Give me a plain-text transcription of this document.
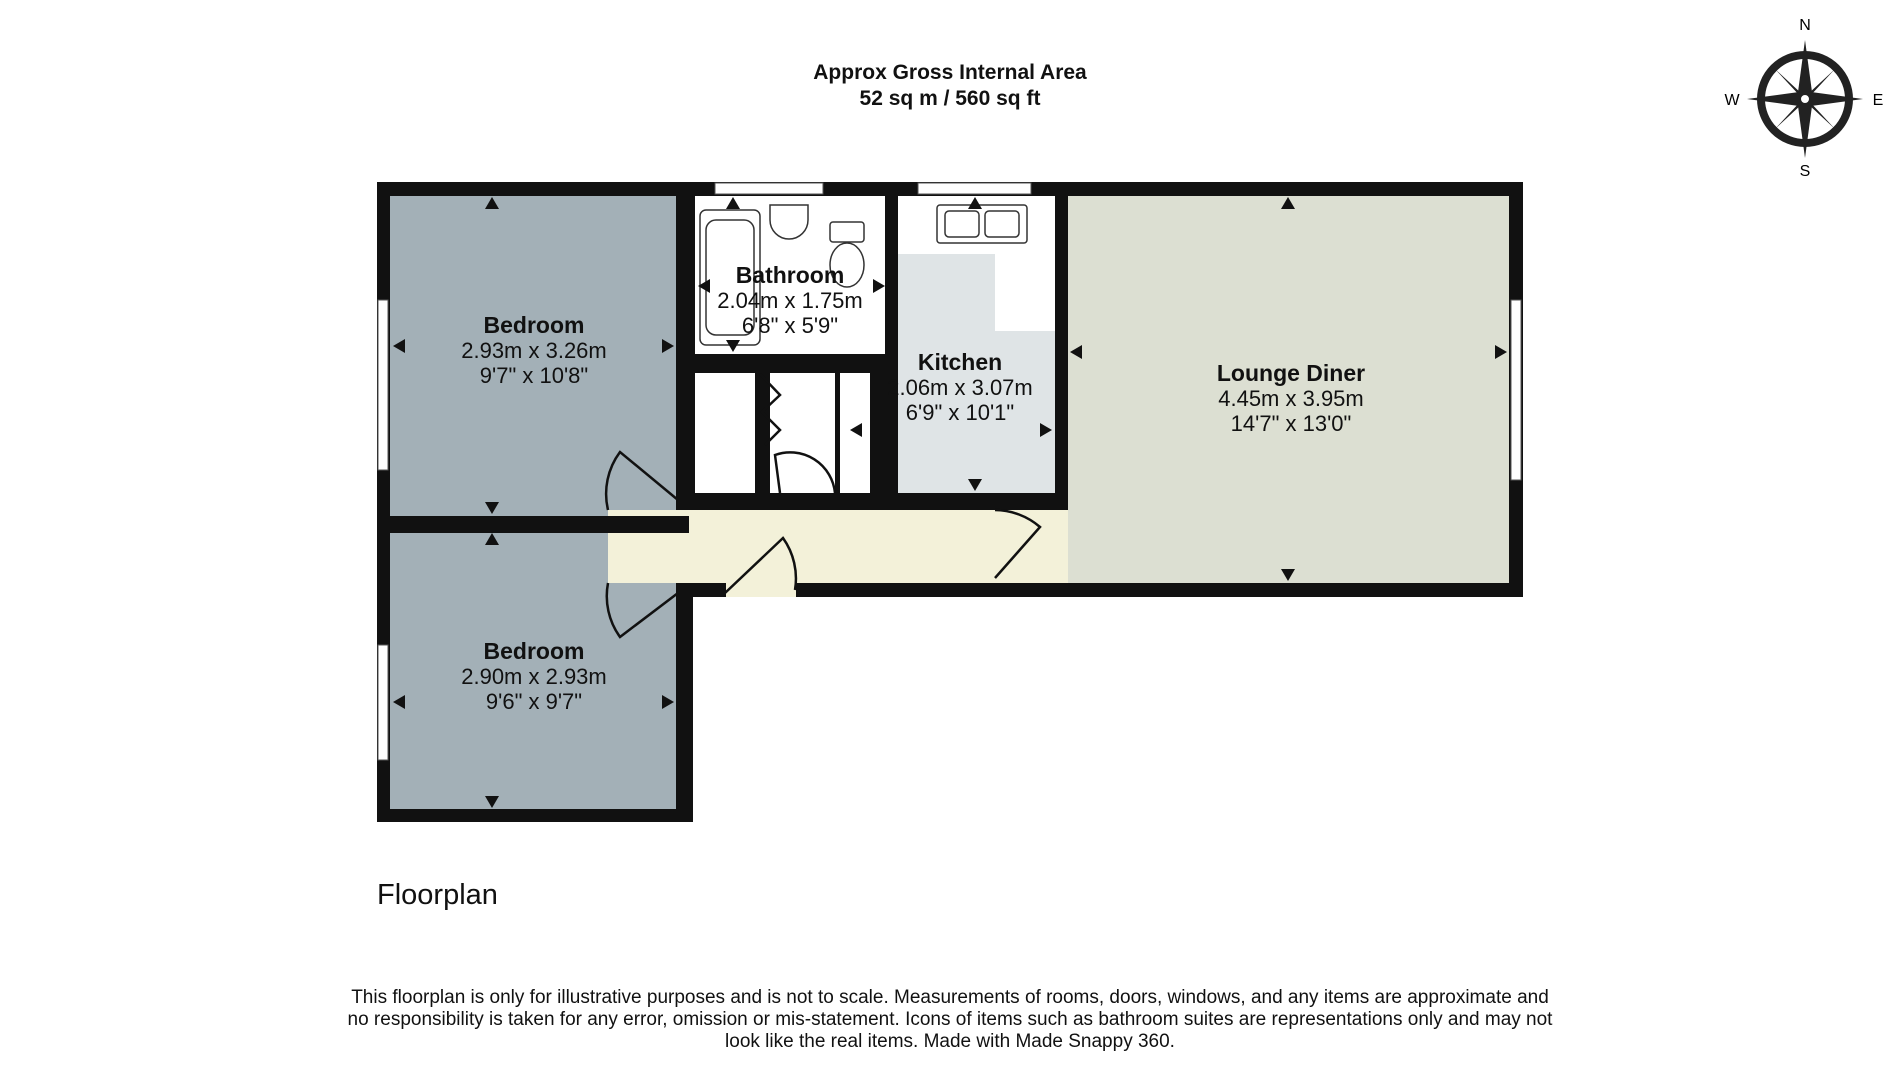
Approx Gross Internal Area
52 sq m / 560 sq ft
N
S
W	E
Bedroom
2.93m x 3.26m
9'7" x 10'8"
Bedroom
2.90m x 2.93m
9'6" x 9'7"
Bathroom
2.04m x 1.75m
6'8" x 5'9"
Kitchen
2.06m x 3.07m
6'9" x 10'1"
Lounge Diner
4.45m x 3.95m
14'7" x 13'0"
Floorplan
This floorplan is only for illustrative purposes and is not to scale. Measurements of rooms, doors, windows, and any items are approximate and no responsibility is taken for any error, omission or mis-statement. Icons of items such as bathroom suites are representations only and may not look like the real items. Made with Made Snappy 360.
